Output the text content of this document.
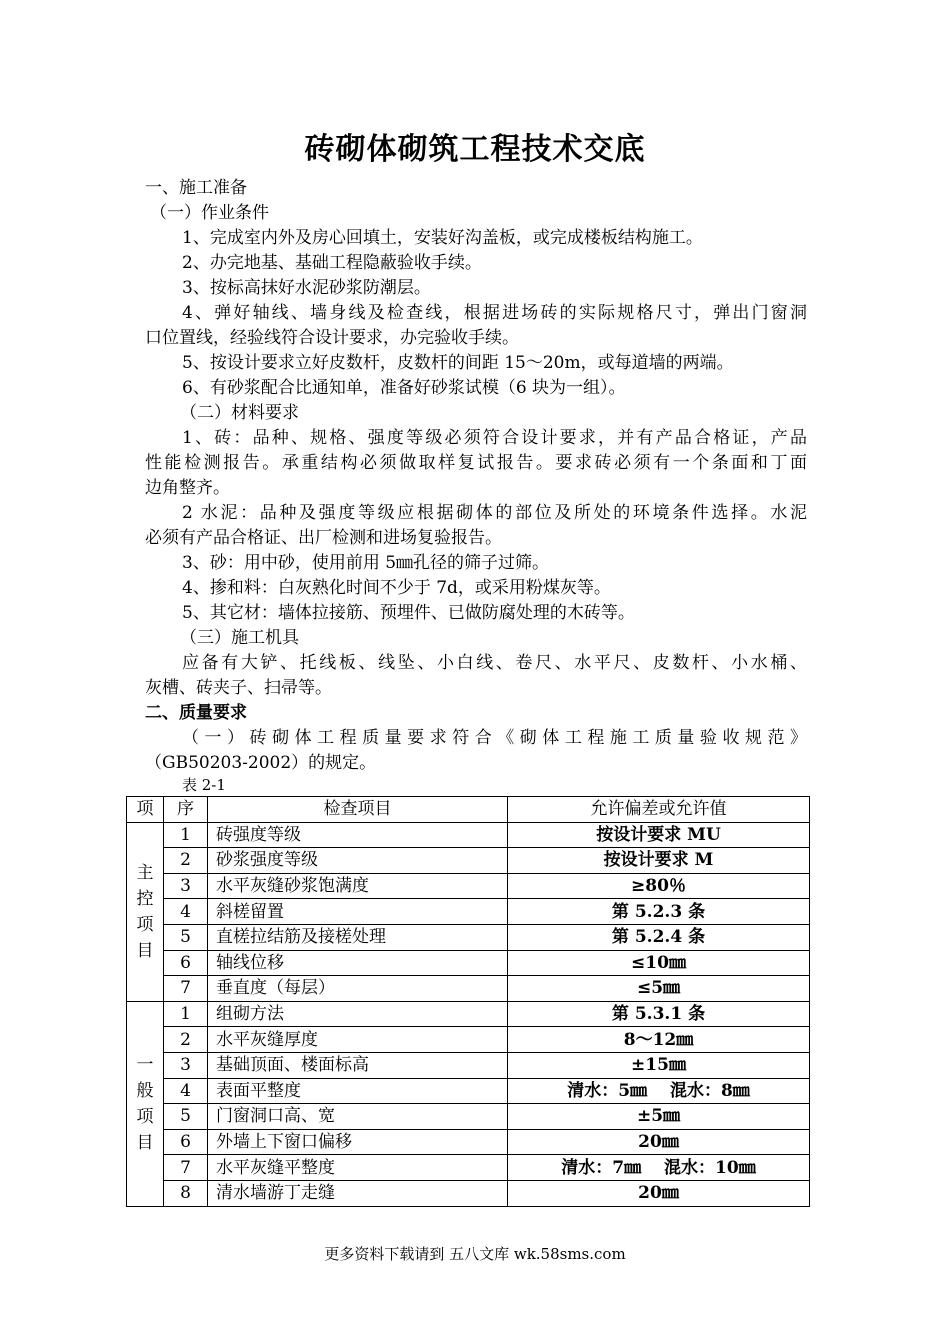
砖砌体砌筑工程技术交底
一、施工准备
（一）作业条件
1、完成室内外及房心回填土，安装好沟盖板，或完成楼板结构施工。
2、办完地基、基础工程隐蔽验收手续。
3、按标高抹好水泥砂浆防潮层。
4、弹好轴线、墙身线及检查线，根据进场砖的实际规格尺寸，弹出门窗洞
口位置线，经验线符合设计要求，办完验收手续。
5、按设计要求立好皮数杆，皮数杆的间距 15～20m，或每道墙的两端。
6、有砂浆配合比通知单，准备好砂浆试模（6 块为一组）。
（二）材料要求
1、砖：品种、规格、强度等级必须符合设计要求，并有产品合格证，产品
性能检测报告。承重结构必须做取样复试报告。要求砖必须有一个条面和丁面
边角整齐。
2 水泥：品种及强度等级应根据砌体的部位及所处的环境条件选择。水泥
必须有产品合格证、出厂检测和进场复验报告。
3、砂：用中砂，使用前用 5㎜孔径的筛子过筛。
4、掺和料：白灰熟化时间不少于 7d，或采用粉煤灰等。
5、其它材：墙体拉接筋、预埋件、已做防腐处理的木砖等。
（三）施工机具
应备有大铲、托线板、线坠、小白线、卷尺、水平尺、皮数杆、小水桶、
灰槽、砖夹子、扫帚等。
二、质量要求
（一）砖砌体工程质量要求符合《砌体工程施工质量验收规范》
（GB50203-2002）的规定。
表 2-1
项	序	检查项目	允许偏差或允许值

主控项目	1	砖强度等级	按设计要求 MU
	2	砂浆强度等级	按设计要求 M
	3	水平灰缝砂浆饱满度	≥80％
	4	斜槎留置	第 5.2.3 条
	5	直槎拉结筋及接槎处理	第 5.2.4 条
	6	轴线位移	≤10㎜
	7	垂直度（每层）	≤5㎜

一般项目	1	组砌方法	第 5.3.1 条
	2	水平灰缝厚度	8～12㎜
	3	基础顶面、楼面标高	±15㎜
	4	表面平整度	清水：5㎜　 混水：8㎜
	5	门窗洞口高、宽	±5㎜
	6	外墙上下窗口偏移	20㎜
	7	水平灰缝平整度	清水：7㎜　 混水：10㎜
	8	清水墙游丁走缝	20㎜
更多资料下载请到 五八文库 wk.58sms.com
